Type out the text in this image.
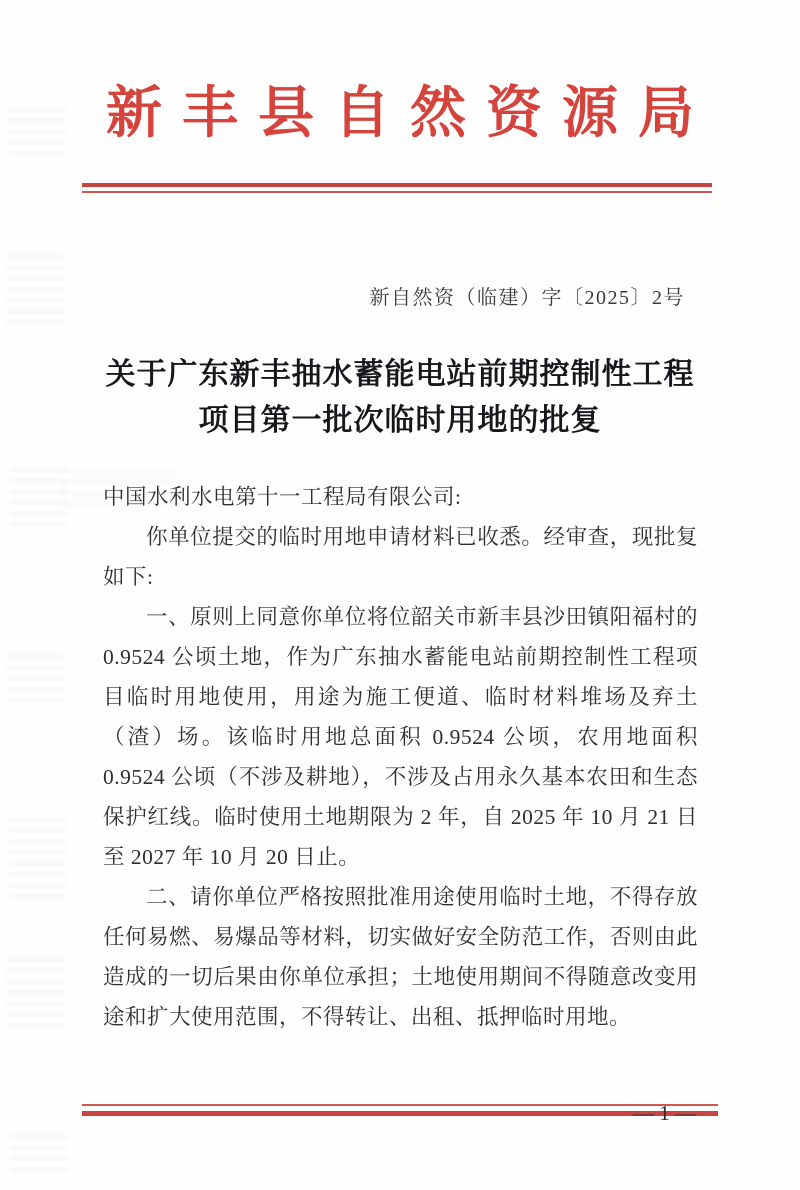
新丰县自然资源局
新自然资（临建）字〔2025〕2号
关于广东新丰抽水蓄能电站前期控制性工程
项目第一批次临时用地的批复

中国水利水电第十一工程局有限公司:

你单位提交的临时用地申请材料已收悉。经审查，现批复如下:

一、原则上同意你单位将位韶关市新丰县沙田镇阳福村的 0.9524 公顷土地，作为广东抽水蓄能电站前期控制性工程项目临时用地使用，用途为施工便道、临时材料堆场及弃土（渣）场。该临时用地总面积 0.9524 公顷，农用地面积 0.9524 公顷（不涉及耕地），不涉及占用永久基本农田和生态保护红线。临时使用土地期限为 2 年，自 2025 年 10 月 21 日至 2027 年 10 月 20 日止。

二、请你单位严格按照批准用途使用临时土地，不得存放任何易燃、易爆品等材料，切实做好安全防范工作，否则由此造成的一切后果由你单位承担；土地使用期间不得随意改变用途和扩大使用范围，不得转让、出租、抵押临时用地。

— 1 —
